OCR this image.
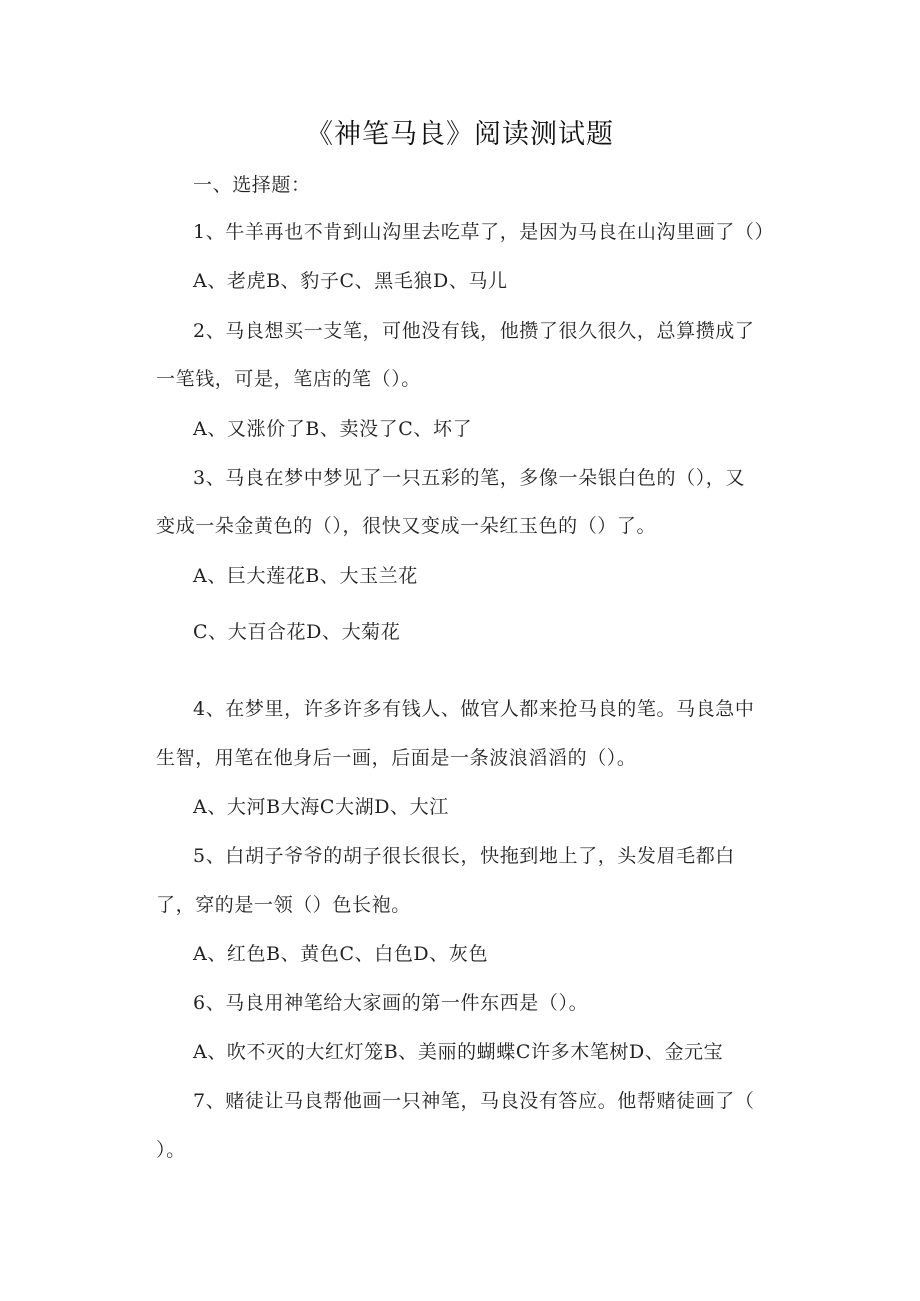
《神笔马良》阅读测试题
一、选择题：
1、牛羊再也不肯到山沟里去吃草了，是因为马良在山沟里画了（）
A、老虎B、豹子C、黑毛狼D、马儿
2、马良想买一支笔，可他没有钱，他攒了很久很久，总算攒成了
一笔钱，可是，笔店的笔（）。
A、又涨价了B、卖没了C、坏了
3、马良在梦中梦见了一只五彩的笔，多像一朵银白色的（），又
变成一朵金黄色的（），很快又变成一朵红玉色的（）了。
A、巨大莲花B、大玉兰花
C、大百合花D、大菊花
4、在梦里，许多许多有钱人、做官人都来抢马良的笔。马良急中
生智，用笔在他身后一画，后面是一条波浪滔滔的（）。
A、大河B大海C大湖D、大江
5、白胡子爷爷的胡子很长很长，快拖到地上了，头发眉毛都白
了，穿的是一领（）色长袍。
A、红色B、黄色C、白色D、灰色
6、马良用神笔给大家画的第一件东西是（）。
A、吹不灭的大红灯笼B、美丽的蝴蝶C许多木笔树D、金元宝
7、赌徒让马良帮他画一只神笔，马良没有答应。他帮赌徒画了（
）。
